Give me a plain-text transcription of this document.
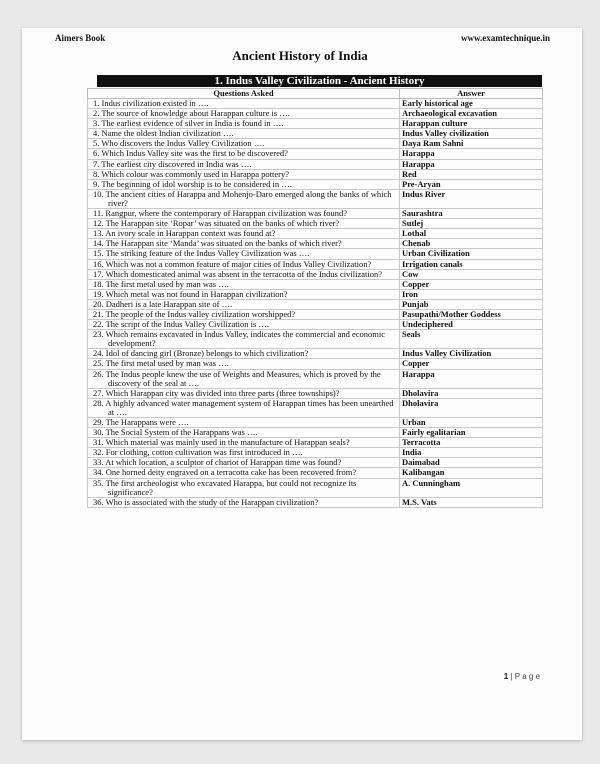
Aimers Book	www.examtechnique.in
Ancient History of India
1. Indus Valley Civilization - Ancient History
Questions Asked	Answer

1. Indus civilization existed in ….	Early historical age

2. The source of knowledge about Harappan culture is ….	Archaeological excavation

3. The earliest evidence of silver in India is found in ….	Harappan culture

4. Name the oldest Indian civilization ….	Indus Valley civilization

5. Who discovers the Indus Valley Civilization ….	Daya Ram Sahni

6. Which Indus Valley site was the first to be discovered?	Harappa

7. The earliest city discovered in India was ….	Harappa

8. Which colour was commonly used in Harappa pottery?	Red

9. The beginning of idol worship is to be considered in ….	Pre-Aryan

10. The ancient cities of Harappa and Mohenjo-Daro emerged along the banks of which river?	Indus River

11. Rangpur, where the contemporary of Harappan civilization was found?	Saurashtra

12. The Harappan site ‘Ropar’ was situated on the banks of which river?	Sutlej

13. An ivory scale in Harappan context was found at?	Lothal

14. The Harappan site ‘Manda’ was situated on the banks of which river?	Chenab

15. The striking feature of the Indus Valley Civilization was ….	Urban Civilization

16. Which was not a common feature of major cities of Indus Valley Civilization?	Irrigation canals

17. Which domesticated animal was absent in the terracotta of the Indus civilization?	Cow

18. The first metal used by man was ….	Copper

19. Which metal was not found in Harappan civilization?	Iron

20. Dadheri is a late Harappan site of ….	Punjab

21. The people of the Indus valley civilization worshipped?	Pasupathi/Mother Goddess

22. The script of the Indus Valley Civilization is ….	Undeciphered

23. Which remains excavated in Indus Valley, indicates the commercial and economic development?	Seals

24. Idol of dancing girl (Bronze) belongs to which civilization?	Indus Valley Civilization

25. The first metal used by man was ….	Copper

26. The Indus people knew the use of Weights and Measures, which is proved by the discovery of the seal at ….	Harappa

27. Which Harappan city was divided into three parts (three townships)?	Dholavira

28. A highly advanced water management system of Harappan times has been unearthed at ….	Dholavira

29. The Harappans were ….	Urban

30. The Social System of the Harappans was ….	Fairly egalitarian

31. Which material was mainly used in the manufacture of Harappan seals?	Terracotta

32. For clothing, cotton cultivation was first introduced in ….	India

33. At which location, a sculptor of chariot of Harappan time was found?	Daimabad

34. One horned deity engraved on a terracotta cake has been recovered from?	Kalibangan

35. The first archeologist who excavated Harappa, but could not recognize its significance?	A. Cunningham

36. Who is associated with the study of the Harappan civilization?	M.S. Vats
1 | P a g e
